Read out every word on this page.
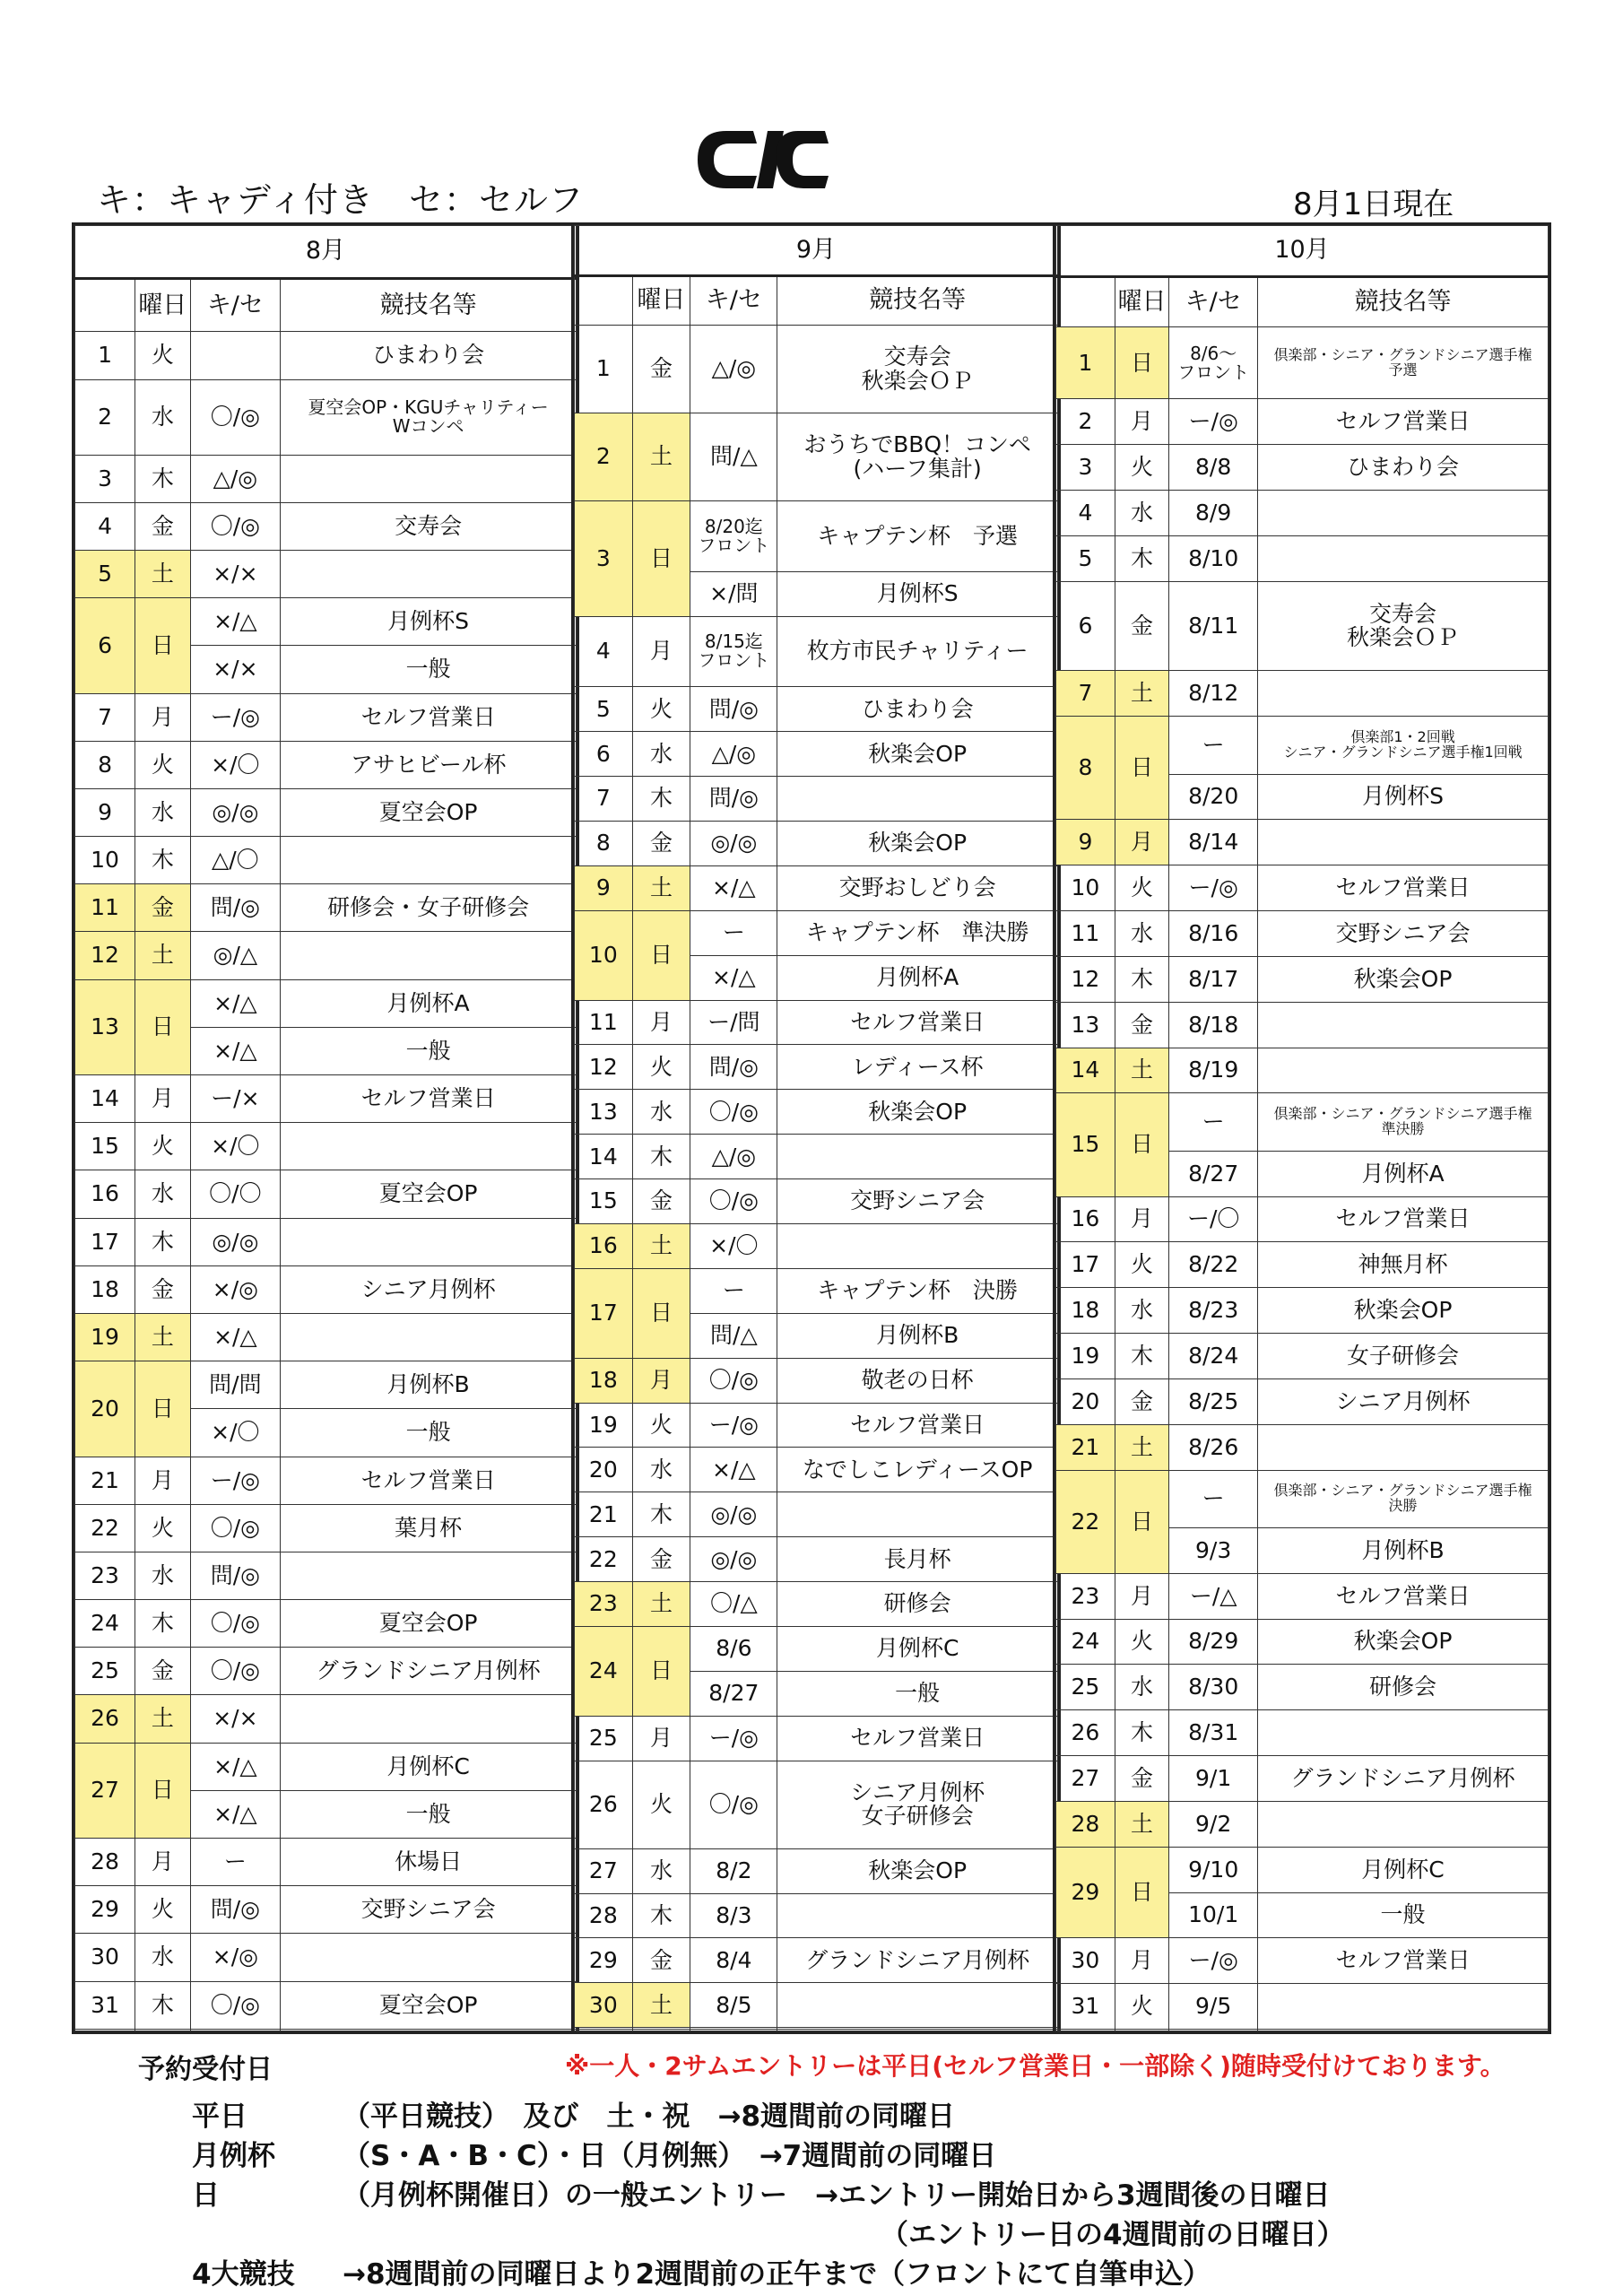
キ：キャディ付き　セ：セルフ	8月1日現在
8月			
	曜日	キ/セ	競技名等
1	火		ひまわり会
2	水	〇/◎	夏空会OP・KGUチャリティー
Wコンペ
3	木	△/◎	
4	金	〇/◎	交寿会
5	土	×/×	
6	日	×/△	月例杯S
		×/×	一般
7	月	ー/◎	セルフ営業日
8	火	×/〇	アサヒビール杯
9	水	◎/◎	夏空会OP
10	木	△/〇	
11	金	問/◎	研修会・女子研修会
12	土	◎/△	
13	日	×/△	月例杯A
		×/△	一般
14	月	ー/×	セルフ営業日
15	火	×/〇	
16	水	〇/〇	夏空会OP
17	木	◎/◎	
18	金	×/◎	シニア月例杯
19	土	×/△	
20	日	問/問	月例杯B
		×/〇	一般
21	月	ー/◎	セルフ営業日
22	火	〇/◎	葉月杯
23	水	問/◎	
24	木	〇/◎	夏空会OP
25	金	〇/◎	グランドシニア月例杯
26	土	×/×	
27	日	×/△	月例杯C
		×/△	一般
28	月	ー	休場日
29	火	問/◎	交野シニア会
30	水	×/◎	
31	木	〇/◎	夏空会OP

9月			
	曜日	キ/セ	競技名等
1	金	△/◎	交寿会
秋楽会ＯＰ
2	土	問/△	おうちでBBQ！コンペ
(ハーフ集計)
3	日	8/20迄
フロント	キャプテン杯　予選
		×/問	月例杯S
4	月	8/15迄
フロント	枚方市民チャリティー
5	火	問/◎	ひまわり会
6	水	△/◎	秋楽会OP
7	木	問/◎	
8	金	◎/◎	秋楽会OP
9	土	×/△	交野おしどり会
10	日	ー	キャプテン杯　準決勝
		×/△	月例杯A
11	月	ー/問	セルフ営業日
12	火	問/◎	レディース杯
13	水	〇/◎	秋楽会OP
14	木	△/◎	
15	金	〇/◎	交野シニア会
16	土	×/〇	
17	日	ー	キャプテン杯　決勝
		問/△	月例杯B
18	月	〇/◎	敬老の日杯
19	火	ー/◎	セルフ営業日
20	水	×/△	なでしこレディースOP
21	木	◎/◎	
22	金	◎/◎	長月杯
23	土	〇/△	研修会
24	日	8/6	月例杯C
		8/27	一般
25	月	ー/◎	セルフ営業日
26	火	〇/◎	シニア月例杯
女子研修会
27	水	8/2	秋楽会OP
28	木	8/3	
29	金	8/4	グランドシニア月例杯
30	土	8/5	

10月			
	曜日	キ/セ	競技名等
1	日	8/6～
フロント	倶楽部・シニア・グランドシニア選手権
予選
2	月	ー/◎	セルフ営業日
3	火	8/8	ひまわり会
4	水	8/9	
5	木	8/10	
6	金	8/11	交寿会
秋楽会ＯＰ
7	土	8/12	
8	日	ー	倶楽部1・2回戦
シニア・グランドシニア選手権1回戦
		8/20	月例杯S
9	月	8/14	
10	火	ー/◎	セルフ営業日
11	水	8/16	交野シニア会
12	木	8/17	秋楽会OP
13	金	8/18	
14	土	8/19	
15	日	ー	倶楽部・シニア・グランドシニア選手権
準決勝
		8/27	月例杯A
16	月	ー/〇	セルフ営業日
17	火	8/22	神無月杯
18	水	8/23	秋楽会OP
19	木	8/24	女子研修会
20	金	8/25	シニア月例杯
21	土	8/26	
22	日	ー	倶楽部・シニア・グランドシニア選手権
決勝
		9/3	月例杯B
23	月	ー/△	セルフ営業日
24	火	8/29	秋楽会OP
25	水	8/30	研修会
26	木	8/31	
27	金	9/1	グランドシニア月例杯
28	土	9/2	
29	日	9/10	月例杯C
		10/1	一般
30	月	ー/◎	セルフ営業日
31	火	9/5	

予約受付日	※一人・2サムエントリーは平日(セルフ営業日・一部除く)随時受付けております。
平日	（平日競技）　及び　土・祝　→8週間前の同曜日
月例杯 （S・A・B・C）・日（月例無）　→7週間前の同曜日
日	（月例杯開催日）の一般エントリー　→エントリー開始日から3週間後の日曜日
（エントリー日の4週間前の日曜日）
4大競技 →8週間前の同曜日より2週間前の正午まで（フロントにて自筆申込）
